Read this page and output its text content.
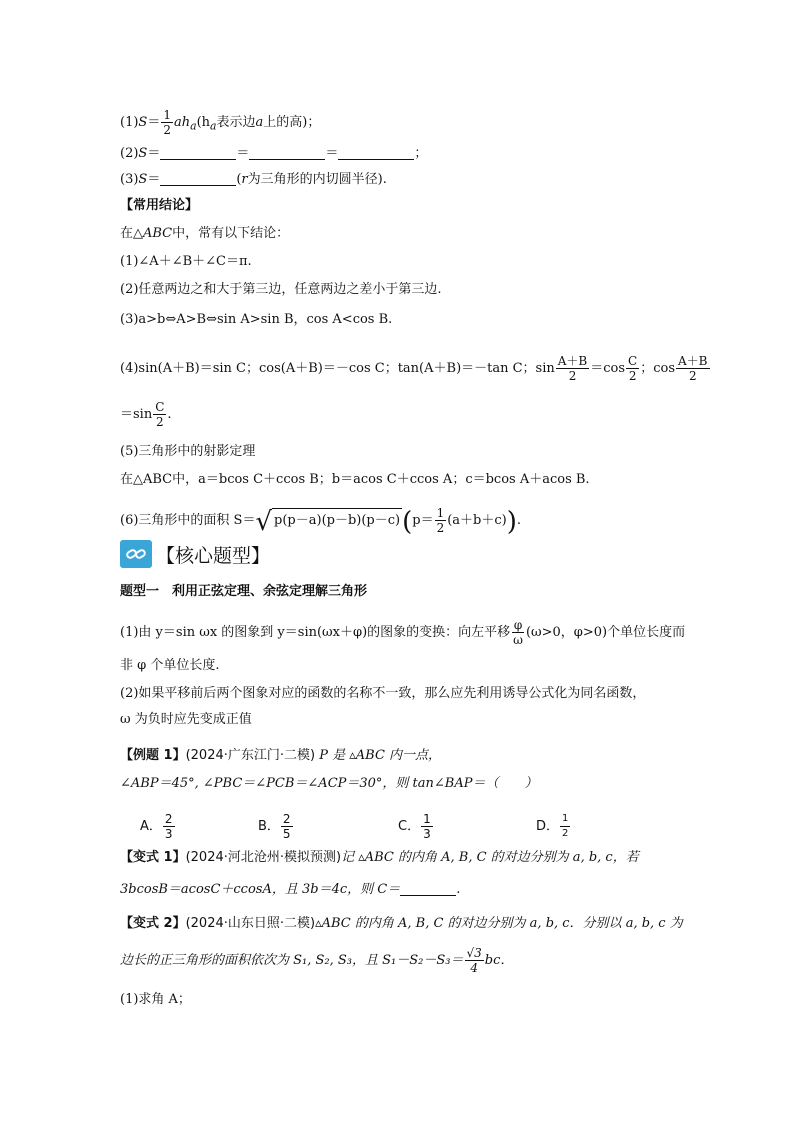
$(1)S= \frac{1}{2} ah_a(h_a$表示边a上的高)；
(2)S＝	＝	＝	；
(3)S＝	(r为三角形的内切圆半径).
【常用结论】
在△ABC中，常有以下结论：
(1)∠A＋∠B＋∠C＝π.
(2)任意两边之和大于第三边，任意两边之差小于第三边.
(3)a>b⇔A>B⇔sin A>sin B，cos A<cos B.
(4)sin(A＋B)＝sin C；cos(A＋B)＝－cos C；tan(A＋B)＝－tan C；$\sin \frac{A+B}{2} =\cos \frac{C}{2}$ ；$\cos \frac{A+B}{2}$
$=\sin \frac{C}{2}$ .
(5)三角形中的射影定理
在△ABC中，a＝bcos C＋ccos B；b＝acos C＋ccos A；c＝bcos A＋acos B.
(6)三角形中的面积 S＝√ $p(p-a)(p-b)(p-c)(p= \frac{1}{2} (a+b+c))$.
【核心题型】
题型一　利用正弦定理、余弦定理解三角形
(1)由 y＝sin ωx 的图象到 y＝sin(ωx＋φ)的图象的变换：向左平移 $\frac{\varphi}{\omega} (\omega>0$，φ>0)个单位长度而
非 φ 个单位长度.
(2)如果平移前后两个图象对应的函数的名称不一致，那么应先利用诱导公式化为同名函数，
ω 为负时应先变成正值
【例题 1】(2024·广东江门·二模) P 是 ▵ABC 内一点，
∠ABP＝45°, ∠PBC＝∠PCB＝∠ACP＝30°，则 tan∠BAP＝（　　）
A． $\frac{2}{3}$	B． $\frac{2}{5}$	C． $\frac{1}{3}$	D． $\frac{1}{2}$
【变式 1】(2024·河北沧州·模拟预测)记 ▵ABC 的内角 A, B, C 的对边分别为 a, b, c，若
3bcosB＝acosC＋ccosA，且 3b＝4c，则 C＝	.
【变式 2】(2024·山东日照·二模)▵ABC 的内角 A, B, C 的对边分别为 a, b, c．分别以 a, b, c 为
边长的正三角形的面积依次为 S₁, S₂, S₃，且 $S_1-S_2-S_3= \frac{√3}{4}$ bc．
(1)求角 A；
